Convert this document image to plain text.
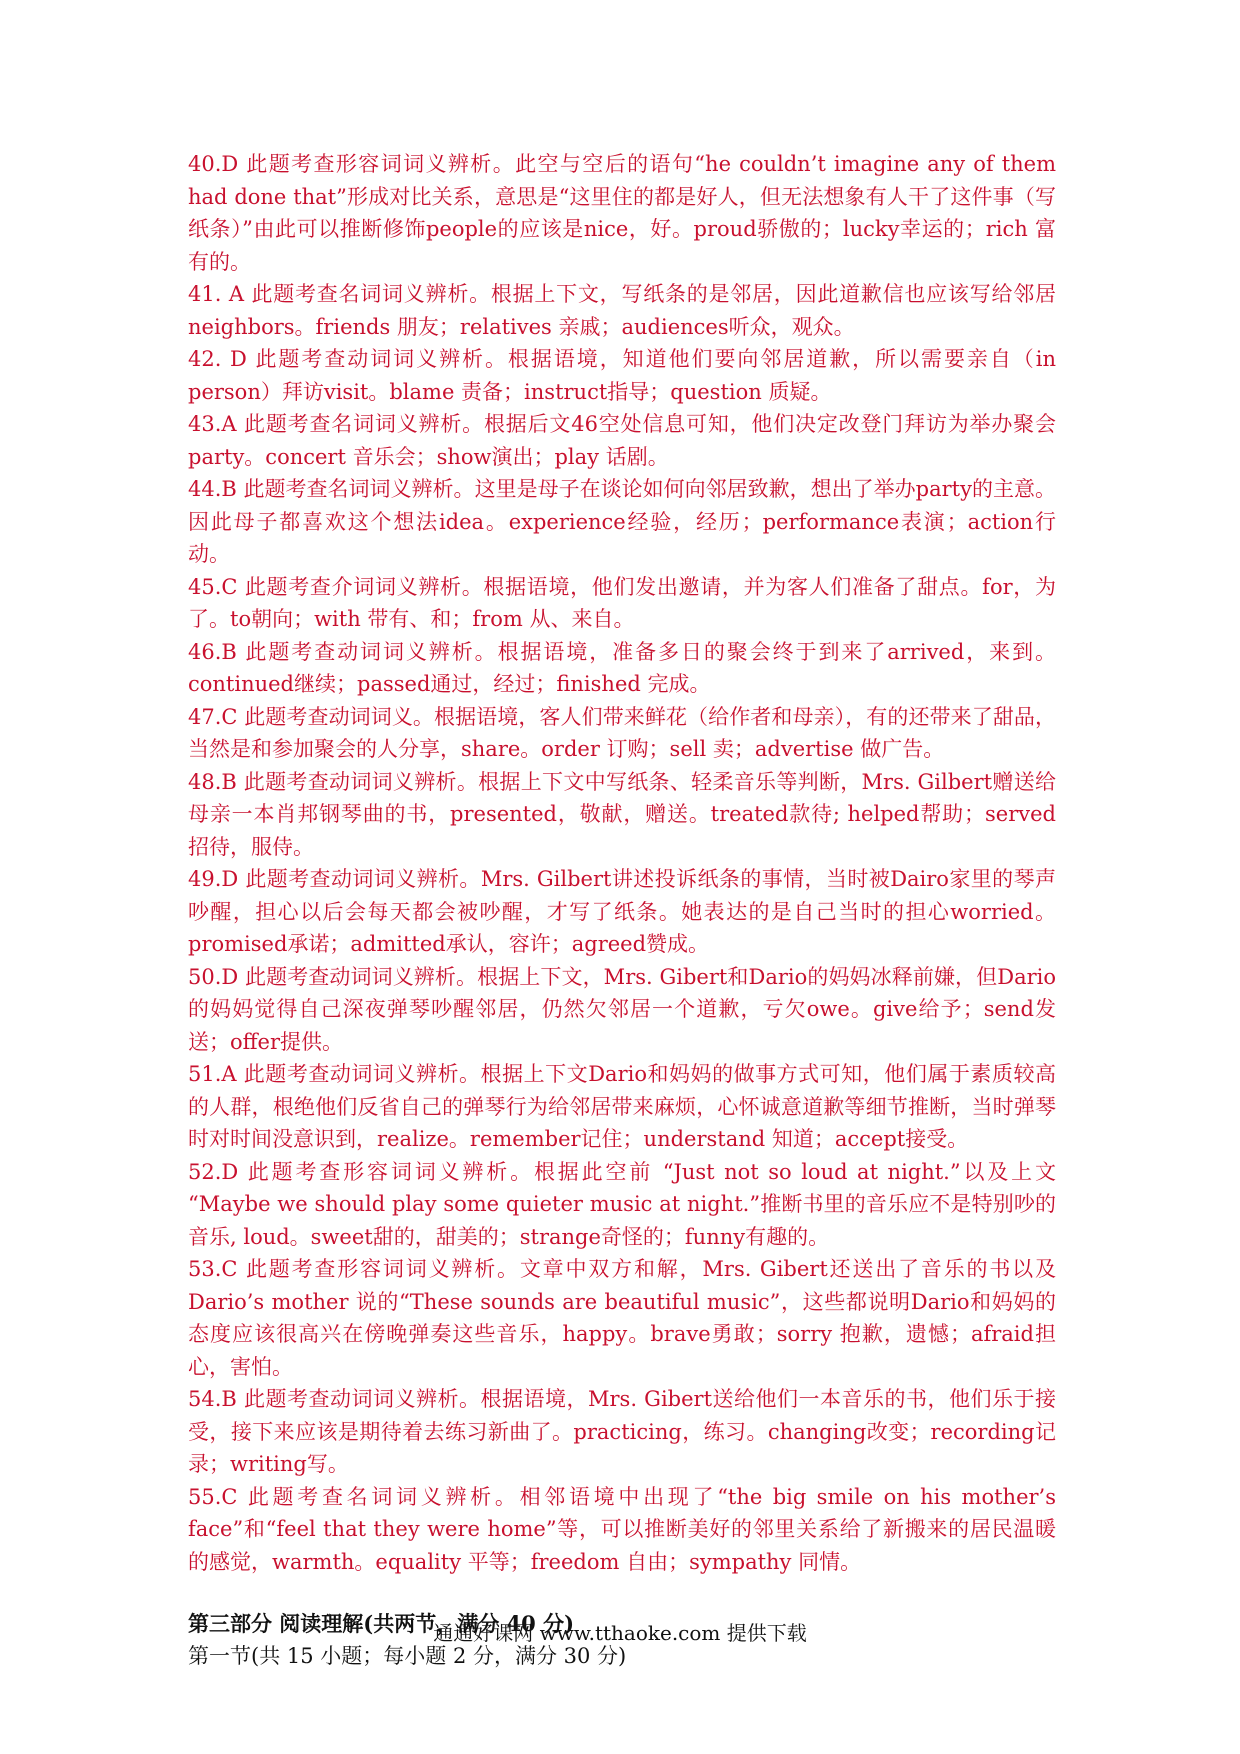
40.D 此题考查形容词词义辨析。此空与空后的语句“he couldn’t imagine any of them had done that”形成对比关系，意思是“这里住的都是好人，但无法想象有人干了这件事（写纸条）”由此可以推断修饰people的应该是nice，好。proud骄傲的；lucky幸运的；rich 富有的。

41. A 此题考查名词词义辨析。根据上下文，写纸条的是邻居，因此道歉信也应该写给邻居neighbors。friends 朋友；relatives 亲戚；audiences听众，观众。

42. D 此题考查动词词义辨析。根据语境，知道他们要向邻居道歉，所以需要亲自（in person）拜访visit。blame 责备；instruct指导；question 质疑。

43.A 此题考查名词词义辨析。根据后文46空处信息可知，他们决定改登门拜访为举办聚会party。concert 音乐会；show演出；play 话剧。

44.B 此题考查名词词义辨析。这里是母子在谈论如何向邻居致歉，想出了举办party的主意。因此母子都喜欢这个想法idea。experience经验，经历；performance表演；action行动。

45.C 此题考查介词词义辨析。根据语境，他们发出邀请，并为客人们准备了甜点。for，为了。to朝向；with 带有、和；from 从、来自。

46.B 此题考查动词词义辨析。根据语境，准备多日的聚会终于到来了arrived，来到。continued继续；passed通过，经过；finished 完成。

47.C 此题考查动词词义。根据语境，客人们带来鲜花（给作者和母亲），有的还带来了甜品，当然是和参加聚会的人分享，share。order 订购；sell 卖；advertise 做广告。

48.B 此题考查动词词义辨析。根据上下文中写纸条、轻柔音乐等判断，Mrs. Gilbert赠送给母亲一本肖邦钢琴曲的书，presented，敬献，赠送。treated款待; helped帮助；served 招待，服侍。

49.D 此题考查动词词义辨析。Mrs. Gilbert讲述投诉纸条的事情，当时被Dairo家里的琴声吵醒，担心以后会每天都会被吵醒，才写了纸条。她表达的是自己当时的担心worried。promised承诺；admitted承认，容许；agreed赞成。

50.D 此题考查动词词义辨析。根据上下文，Mrs. Gibert和Dario的妈妈冰释前嫌，但Dario的妈妈觉得自己深夜弹琴吵醒邻居，仍然欠邻居一个道歉，亏欠owe。give给予；send发送；offer提供。

51.A 此题考查动词词义辨析。根据上下文Dario和妈妈的做事方式可知，他们属于素质较高的人群，根绝他们反省自己的弹琴行为给邻居带来麻烦，心怀诚意道歉等细节推断，当时弹琴时对时间没意识到，realize。remember记住；understand 知道；accept接受。

52.D 此题考查形容词词义辨析。根据此空前 “Just not so loud at night.”以及上文 “Maybe we should play some quieter music at night.”推断书里的音乐应不是特别吵的音乐, loud。sweet甜的，甜美的；strange奇怪的；funny有趣的。

53.C 此题考查形容词词义辨析。文章中双方和解，Mrs. Gibert还送出了音乐的书以及Dario’s mother 说的“These sounds are beautiful music”，这些都说明Dario和妈妈的态度应该很高兴在傍晚弹奏这些音乐，happy。brave勇敢；sorry 抱歉，遗憾；afraid担心，害怕。

54.B 此题考查动词词义辨析。根据语境，Mrs. Gibert送给他们一本音乐的书，他们乐于接受，接下来应该是期待着去练习新曲了。practicing，练习。changing改变；recording记录；writing写。

55.C 此题考查名词词义辨析。相邻语境中出现了“the big smile on his mother’s face”和“feel that they were home”等，可以推断美好的邻里关系给了新搬来的居民温暖的感觉，warmth。equality 平等；freedom 自由；sympathy 同情。

第三部分 阅读理解(共两节，满分 40 分)
第一节(共 15 小题；每小题 2 分，满分 30 分)
通通好课网 www.tthaoke.com 提供下载
